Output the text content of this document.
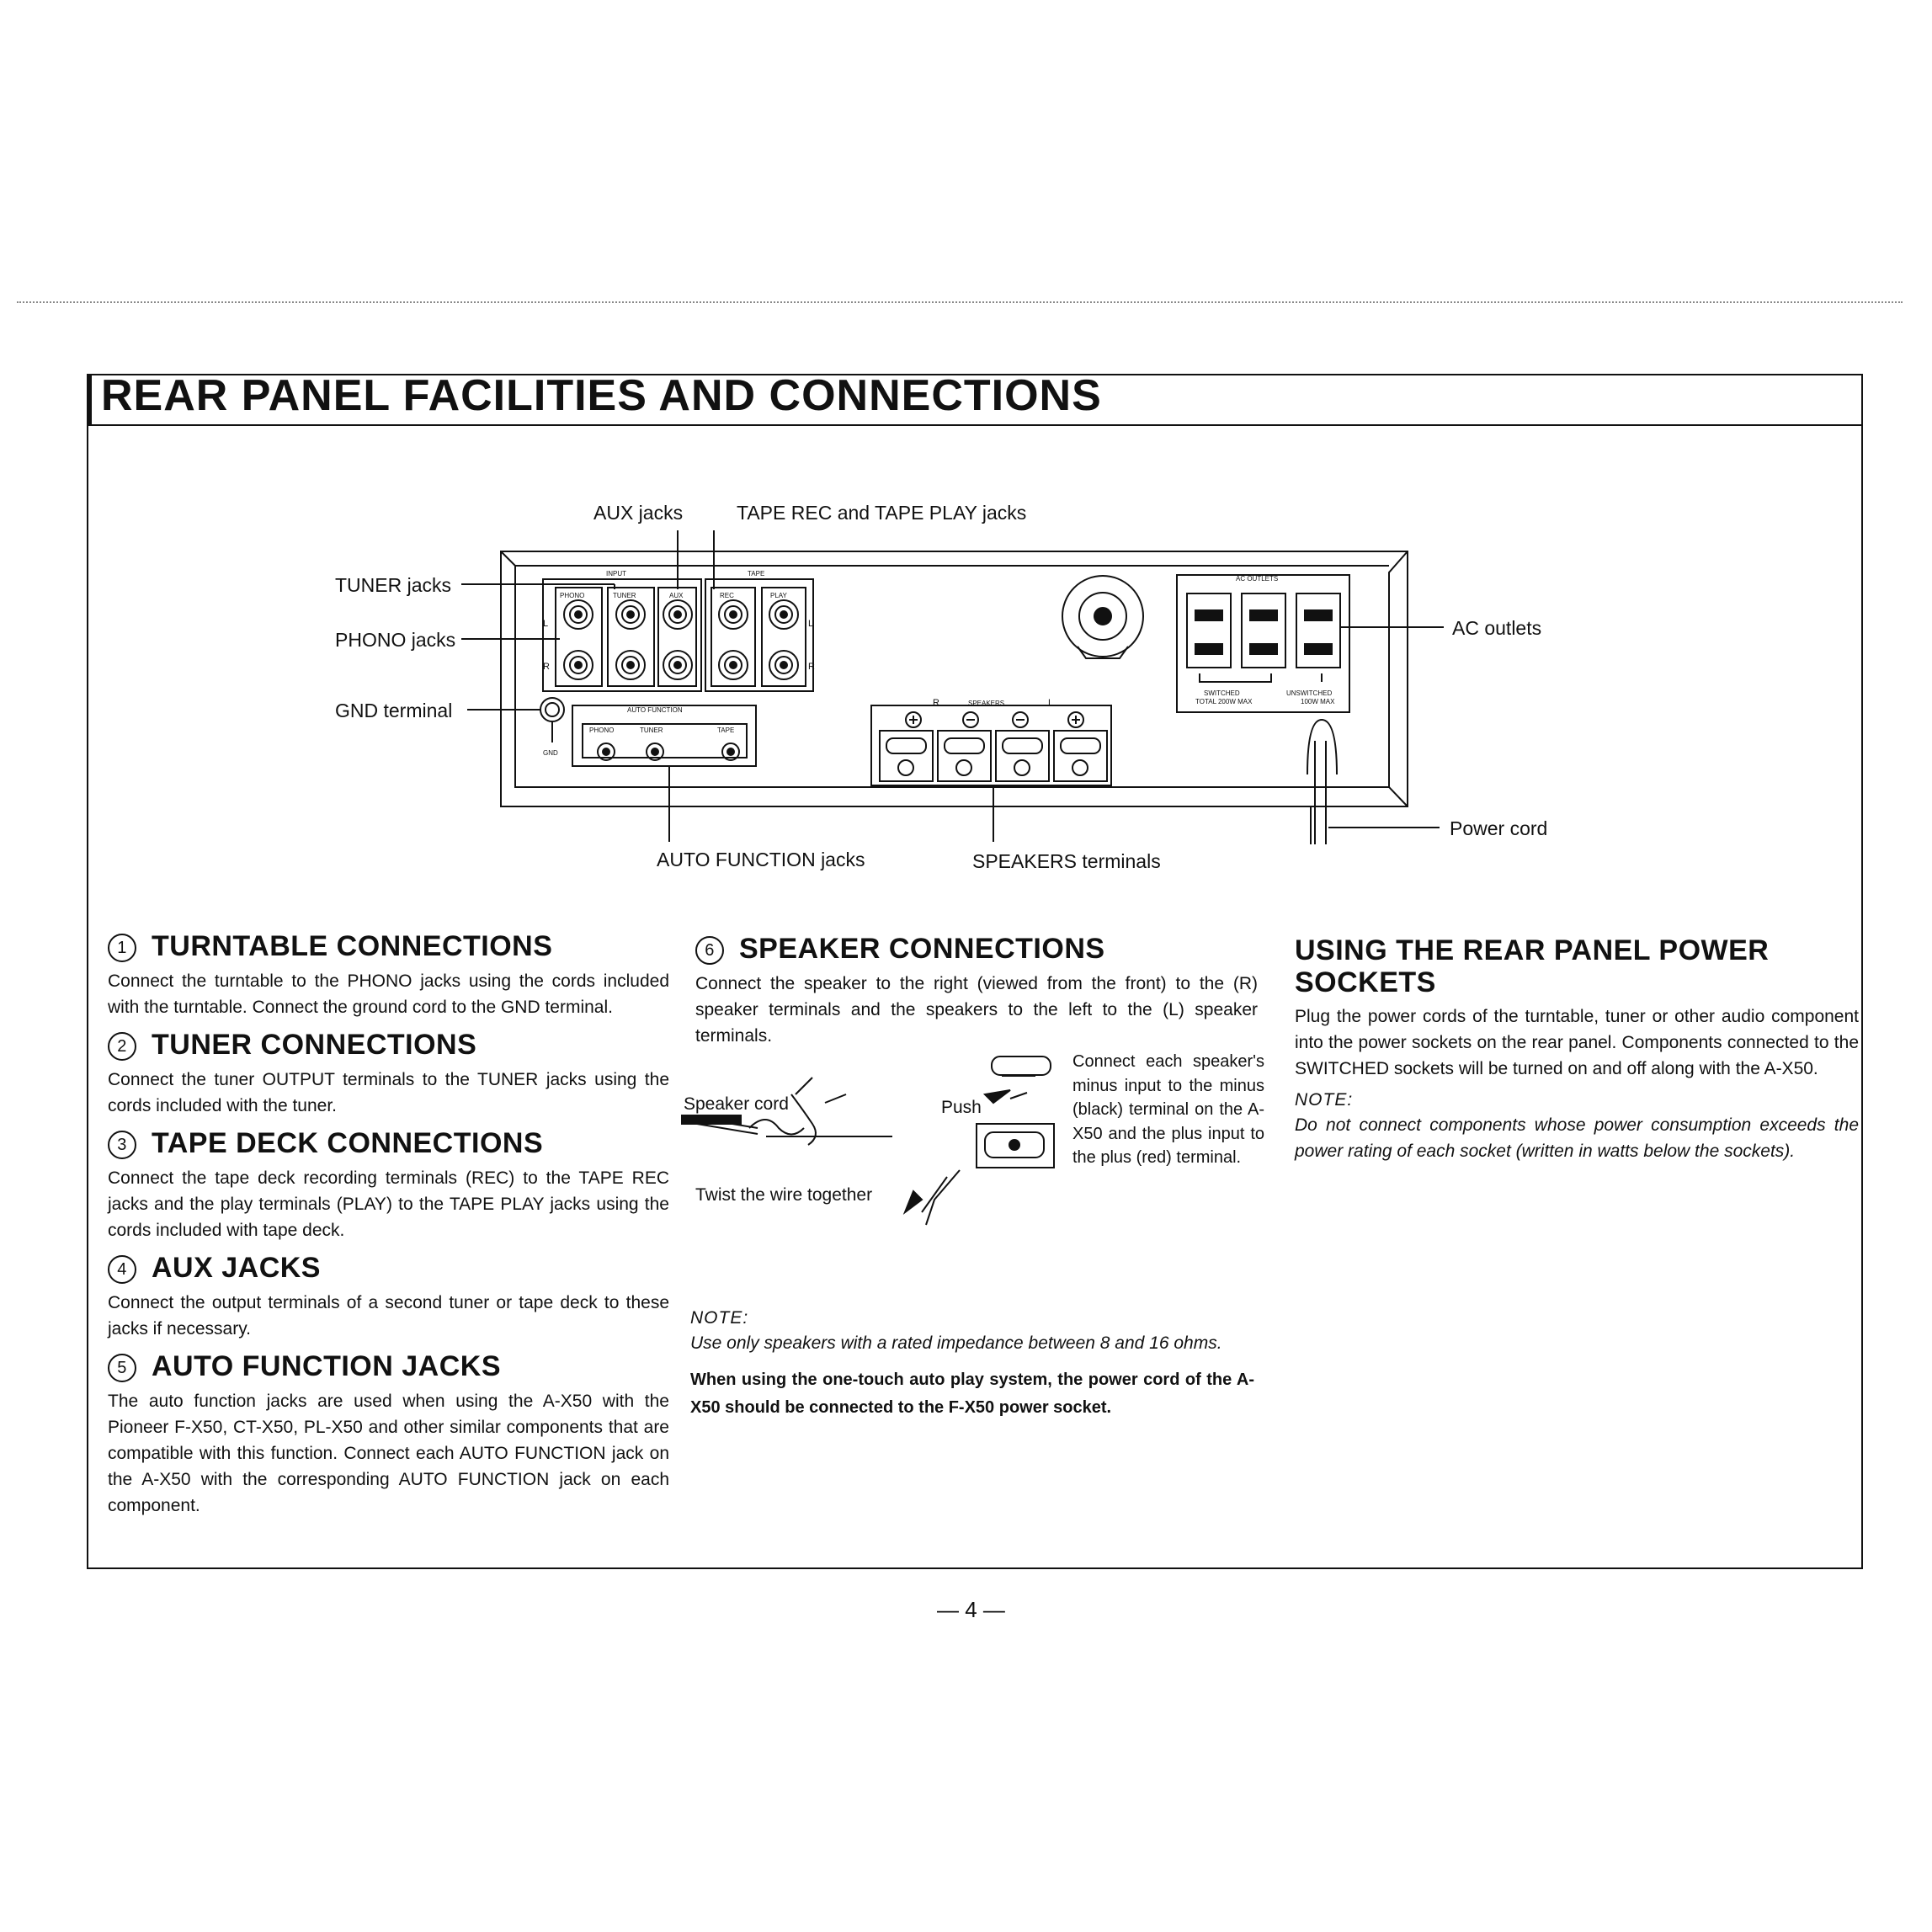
REAR PANEL FACILITIES AND CONNECTIONS
INPUT	TAPE
PHONO	TUNER	AUX	REC	PLAY
L
R
L
R
GND
AUTO FUNCTION
PHONO	TUNER	TAPE
R	SPEAKERS	L
AC OUTLETS
SWITCHED	UNSWITCHED
TOTAL 200W MAX	100W MAX
AUX jacks	TAPE REC and TAPE PLAY jacks
TUNER jacks
PHONO jacks
GND terminal
AC outlets
Power cord
AUTO FUNCTION jacks	SPEAKERS terminals
1 TURNTABLE CONNECTIONS

Connect the turntable to the PHONO jacks using the cords included with the turntable. Connect the ground cord to the GND terminal.

2 TUNER CONNECTIONS

Connect the tuner OUTPUT terminals to the TUNER jacks using the cords included with the tuner.

3 TAPE DECK CONNECTIONS

Connect the tape deck recording terminals (REC) to the TAPE REC jacks and the play terminals (PLAY) to the TAPE PLAY jacks using the cords included with tape deck.

4 AUX JACKS

Connect the output terminals of a second tuner or tape deck to these jacks if necessary.

5 AUTO FUNCTION JACKS

The auto function jacks are used when using the A-X50 with the Pioneer F-X50, CT-X50, PL-X50 and other similar components that are compatible with this function. Connect each AUTO FUNCTION jack on the A-X50 with the corresponding AUTO FUNCTION jack on each component.

6 SPEAKER CONNECTIONS

Connect the speaker to the right (viewed from the front) to the (R) speaker terminals and the speakers to the left to the (L) speaker terminals.

Speaker cord
Twist the wire together
Push

Connect each speaker's minus input to the minus (black) terminal on the A-X50 and the plus input to the plus (red) terminal.

NOTE:

Use only speakers with a rated impedance between 8 and 16 ohms.

When using the one-touch auto play system, the power cord of the A-X50 should be connected to the F-X50 power socket.

USING THE REAR PANEL POWER SOCKETS

Plug the power cords of the turntable, tuner or other audio component into the power sockets on the rear panel. Components connected to the SWITCHED sockets will be turned on and off along with the A-X50.

NOTE:

Do not connect components whose power consumption exceeds the power rating of each socket (written in watts below the sockets).

— 4 —
